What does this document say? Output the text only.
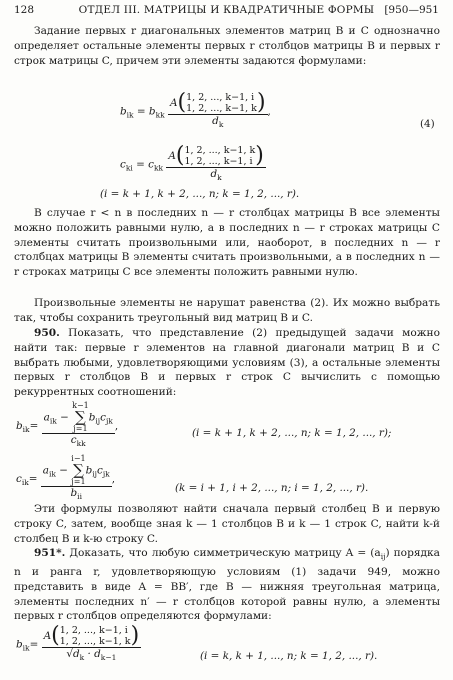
128	ОТДЕЛ III. МАТРИЦЫ И КВАДРАТИЧНЫЕ ФОРМЫ [950—951

Задание первых r диагональных элементов матриц B и C однозначно определяет остальные элементы первых r столбцов матрицы B и первых r строк матрицы C, причем эти элементы задаются формулами:

$b_{ik} = b_{kk}$
A(1, 2, ..., k−1, i
1, 2, ..., k−1, k)
$d_k$
,
(4)
$c_{ki} = c_{kk}$
A(1, 2, ..., k−1, k
1, 2, ..., k−1, i )
$d_k$
(i = k + 1, k + 2, ..., n; k = 1, 2, ..., r).

В случае r < n в последних n — r столбцах матрицы B все элементы можно положить равными нулю, а в последних n — r строках матрицы C элементы считать произвольными или, наоборот, в последних n — r столбцах матрицы B элементы считать произвольными, а в последних n — r строках матрицы C все элементы положить равными нулю.

Произвольные элементы не нарушат равенства (2). Их можно выбрать так, чтобы сохранить треугольный вид матриц B и C.

950. Показать, что представление (2) предыдущей задачи можно найти так: первые r элементов на главной диагонали матриц B и C выбрать любыми, удовлетворяющими условиям (3), а остальные элементы первых r столбцов B и первых r строк C вычислить с помощью рекуррентных соотношений:

$b_{ik}= a_{ik} - k-1$
∑
$j=1b_{ij}c_{jk}$
$c_{kk}$ ,
(i = k + 1, k + 2, ..., n; k = 1, 2, ..., r);
$c_{ik}= a_{ik} - i-1$
∑
$j=1b_{ij}c_{jk}$
$b_{ii}$ ,
(k = i + 1, i + 2, ..., n; i = 1, 2, ..., r).

Эти формулы позволяют найти сначала первый столбец B и первую строку C, затем, вообще зная k — 1 столбцов B и k — 1 строк C, найти k-й столбец B и k-ю строку C.

951*. Доказать, что любую симметрическую матрицу $A = (a_{ij})$ порядка n и ранга r, удовлетворяющую условиям (1) задачи 949, можно представить в виде A = BB′, где B — нижняя треугольная матрица, элементы последних n′ — r столбцов которой равны нулю, а элементы первых r столбцов определяются формулами:

$b_{ik}=$
A(1, 2, ..., k−1, i
1, 2, ..., k−1, k)
$√d_k \cdot d_{k-1}$	(i = k, k + 1, ..., n; k = 1, 2, ..., r).
